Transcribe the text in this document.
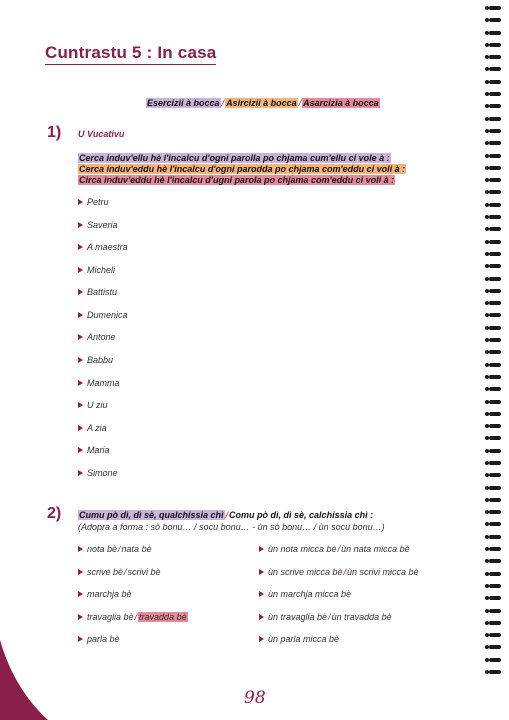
Cuntrastu 5 : In casa
Esercizii à bocca / Asircizii à bocca / Asarcizia à bocca
1) U Vucativu
Cerca induv'ellu hè l'incalcu d'ogni parolla po chjama cum'ellu ci vole à :
Cerca induv'eddu hè l'incalcu d'ogni parodda po chjama com'eddu ci voli à :
Circa induv'eddu hè l'incalcu d'ugni parola po chjama com'eddu ci voli à :
Petru
Saveria
A maestra
Micheli
Battistu
Dumenica
Antone
Babbu
Mamma
U ziu
A zia
Maria
Simone
2) Cumu pò dì, dì sè, qualchissia chì /Comu pò dì, dì sè, calchissia chì :
(Adopra a forma : sò bonu… / socu bonu… - ùn sò bonu… / ùn socu bonu…)
nota bè / nata bè
scrive bè / scrivi bè
marchja bè
travaglia bè / travadda bè
parla bè
ùn nota micca bè / ùn nata micca bè
ùn scrive micca bè / ùn scrivi micca bè
ùn marchja micca bè
ùn travaglia bè / ùn travadda bè
ùn parla micca bè
98
